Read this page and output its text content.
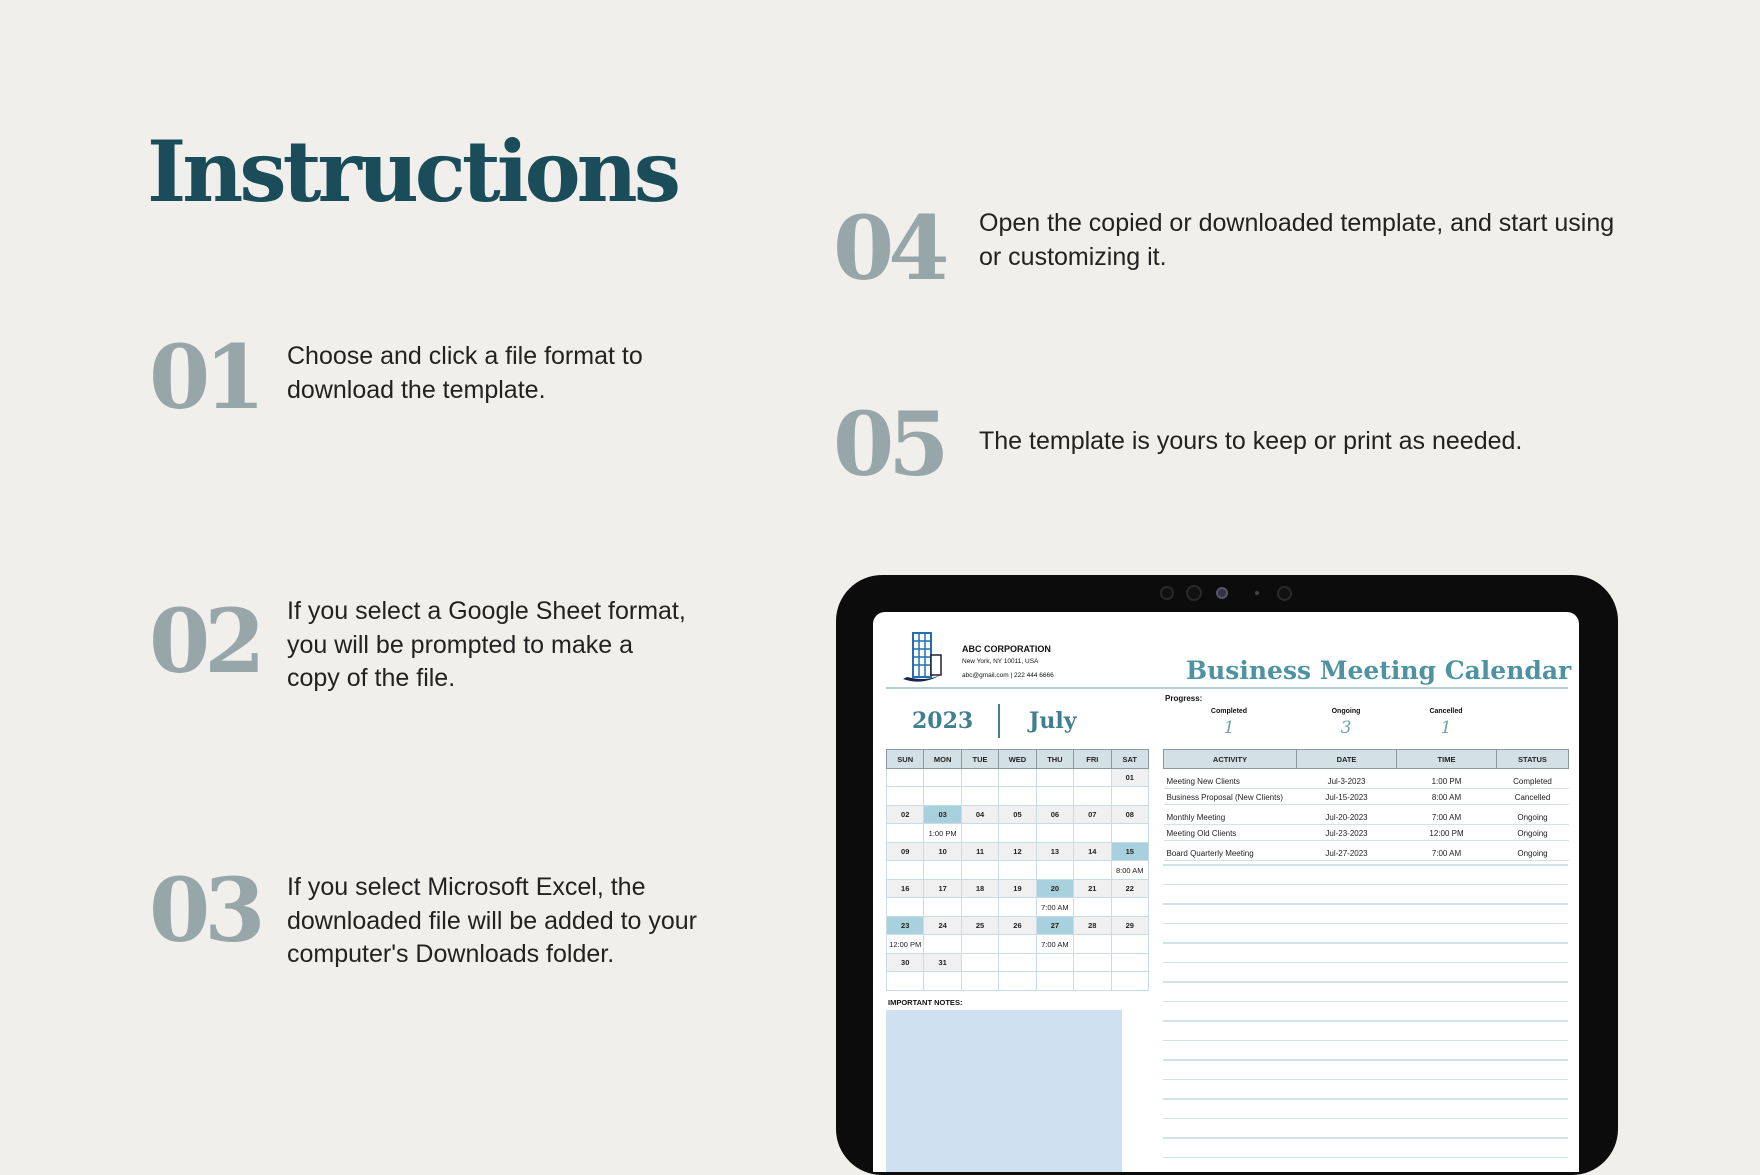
Instructions
01 Choose and click a file format to download the template.
02 If you select a Google Sheet format, you will be prompted to make a copy of the file.
03 If you select Microsoft Excel, the downloaded file will be added to your computer's Downloads folder.
04 Open the copied or downloaded template, and start using or customizing it.
05 The template is yours to keep or print as needed.
ABC CORPORATION
New York, NY 10011, USA
abc@gmail.com | 222 444 6666	Business Meeting Calendar
2023	July
Progress:
Completed
1
Ongoing
3
Cancelled
1
SUN	MON	TUE	WED	THU	FRI	SAT
						01

02	03	04	05	06	07	08
	1:00 PM					
09	10	11	12	13	14	15
						8:00 AM
16	17	18	19	20	21	22
				7:00 AM		
23	24	25	26	27	28	29
12:00 PM				7:00 AM		
30	31					

IMPORTANT NOTES:
ACTIVITY	DATE	TIME	STATUS
Meeting New Clients	Jul-3-2023	1:00 PM	Completed
Business Proposal (New Clients)	Jul-15-2023	8:00 AM	Cancelled
Monthly Meeting	Jul-20-2023	7:00 AM	Ongoing
Meeting Old Clients	Jul-23-2023	12:00 PM	Ongoing
Board Quarterly Meeting	Jul-27-2023	7:00 AM	Ongoing
